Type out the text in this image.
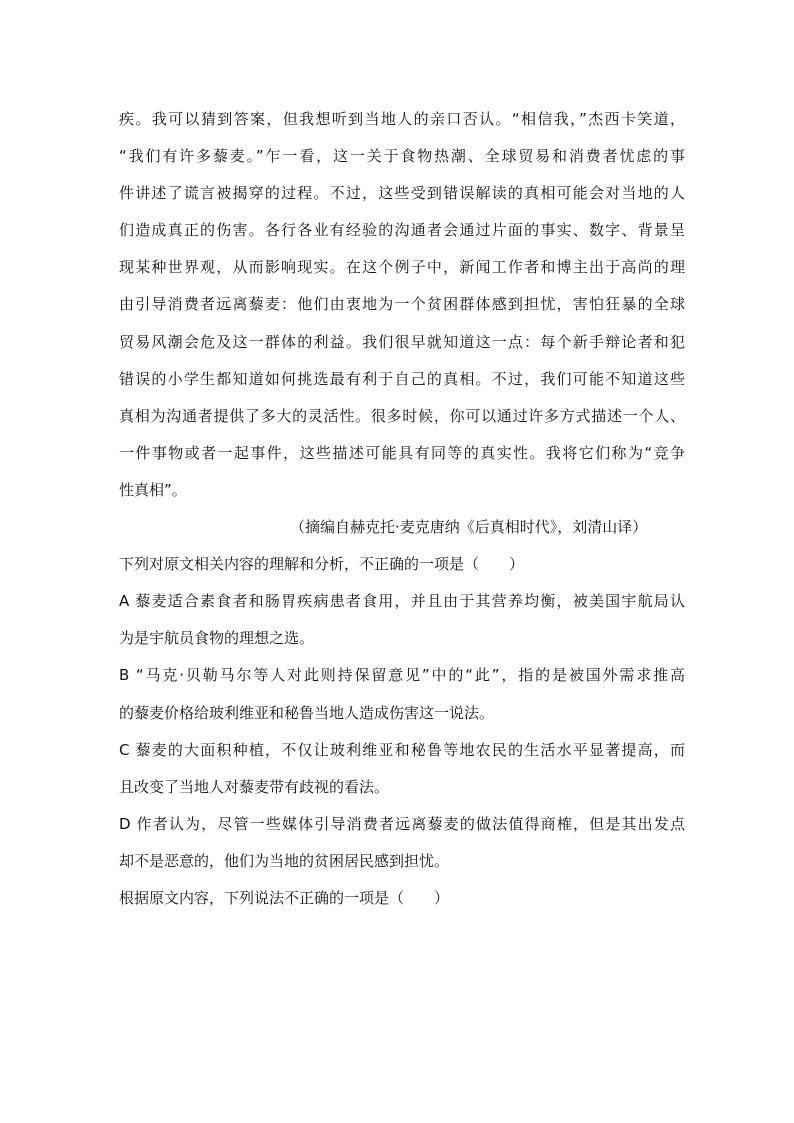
疾。我可以猜到答案，但我想听到当地人的亲口否认。“相信我，”杰西卡笑道，
“我们有许多藜麦。”乍一看，这一关于食物热潮、全球贸易和消费者忧虑的事
件讲述了谎言被揭穿的过程。不过，这些受到错误解读的真相可能会对当地的人
们造成真正的伤害。各行各业有经验的沟通者会通过片面的事实、数字、背景呈
现某种世界观，从而影响现实。在这个例子中，新闻工作者和博主出于高尚的理
由引导消费者远离藜麦：他们由衷地为一个贫困群体感到担忧，害怕狂暴的全球
贸易风潮会危及这一群体的利益。我们很早就知道这一点：每个新手辩论者和犯
错误的小学生都知道如何挑选最有利于自己的真相。不过，我们可能不知道这些
真相为沟通者提供了多大的灵活性。很多时候，你可以通过许多方式描述一个人、
一件事物或者一起事件，这些描述可能具有同等的真实性。我将它们称为“竞争
性真相”。
（摘编自赫克托·麦克唐纳《后真相时代》，刘清山译）
下列对原文相关内容的理解和分析，不正确的一项是（　　）
A 藜麦适合素食者和肠胃疾病患者食用，并且由于其营养均衡，被美国宇航局认
为是宇航员食物的理想之选。
B “马克·贝勒马尔等人对此则持保留意见”中的“此”，指的是被国外需求推高
的藜麦价格给玻利维亚和秘鲁当地人造成伤害这一说法。
C 藜麦的大面积种植，不仅让玻利维亚和秘鲁等地农民的生活水平显著提高，而
且改变了当地人对藜麦带有歧视的看法。
D 作者认为，尽管一些媒体引导消费者远离藜麦的做法值得商榷，但是其出发点
却不是恶意的，他们为当地的贫困居民感到担忧。
根据原文内容，下列说法不正确的一项是（　　）
